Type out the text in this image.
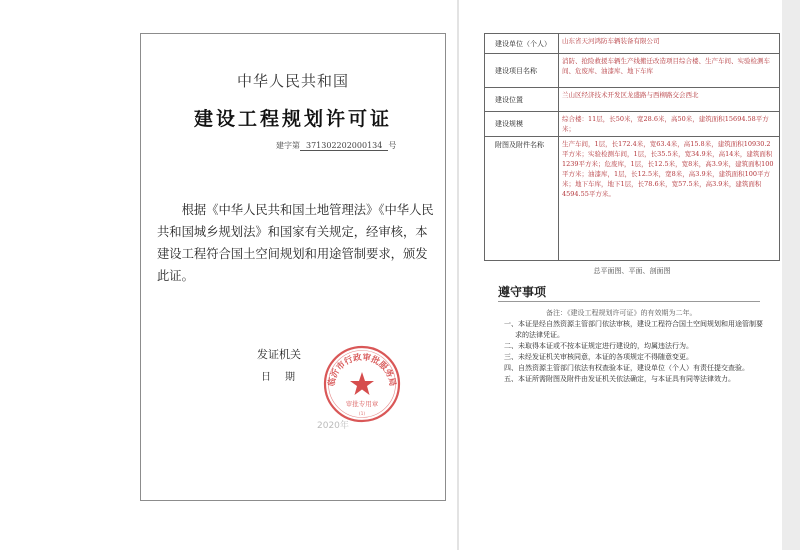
中华人民共和国
建设工程规划许可证
建字第 371302202000134 号
根据《中华人民共和国土地管理法》《中华人民共和国城乡规划法》和国家有关规定，经审核，本建设工程符合国土空间规划和用途管制要求，颁发此证。
发证机关
日期
2020年
临沂市行政审批服务局
审批专用章
(1)
建设单位（个人）	山东省天河鸿防车辆装备有限公司
建设项目名称	消防、抢险救援车辆生产线搬迁改造项目综合楼、生产车间、实验检测车间、危废库、油漆库、地下车库
建设位置	兰山区经济技术开发区龙盛路与西柳路交会西北
建设规模	综合楼：11层，长50米，宽28.6米，高50米，建筑面积15694.58平方米；
附图及附件名称	生产车间，1层，长172.4米，宽63.4米，高15.8米，建筑面积10930.2平方米；实验检测车间，1层，长35.5米，宽34.9米，高14米，建筑面积1239平方米；危废库，1层，长12.5米，宽8米，高3.9米，建筑面积100平方米；油漆库，1层，长12.5米，宽8米，高3.9米，建筑面积100平方米；地下车库，地下1层，长78.6米，宽57.5米，高3.9米，建筑面积4594.55平方米。
总平面图、平面、剖面图
遵守事项
备注：《建设工程规划许可证》的有效期为二年。
一、本证是经自然资源主管部门依法审核，建设工程符合国土空间规划和用途管制要求的法律凭证。
二、未取得本证或不按本证规定进行建设的，均属违法行为。
三、未经发证机关审核同意，本证的各项规定不得随意变更。
四、自然资源主管部门依法有权查验本证，建设单位（个人）有责任提交查验。
五、本证所需附图及附件由发证机关依法确定，与本证具有同等法律效力。
